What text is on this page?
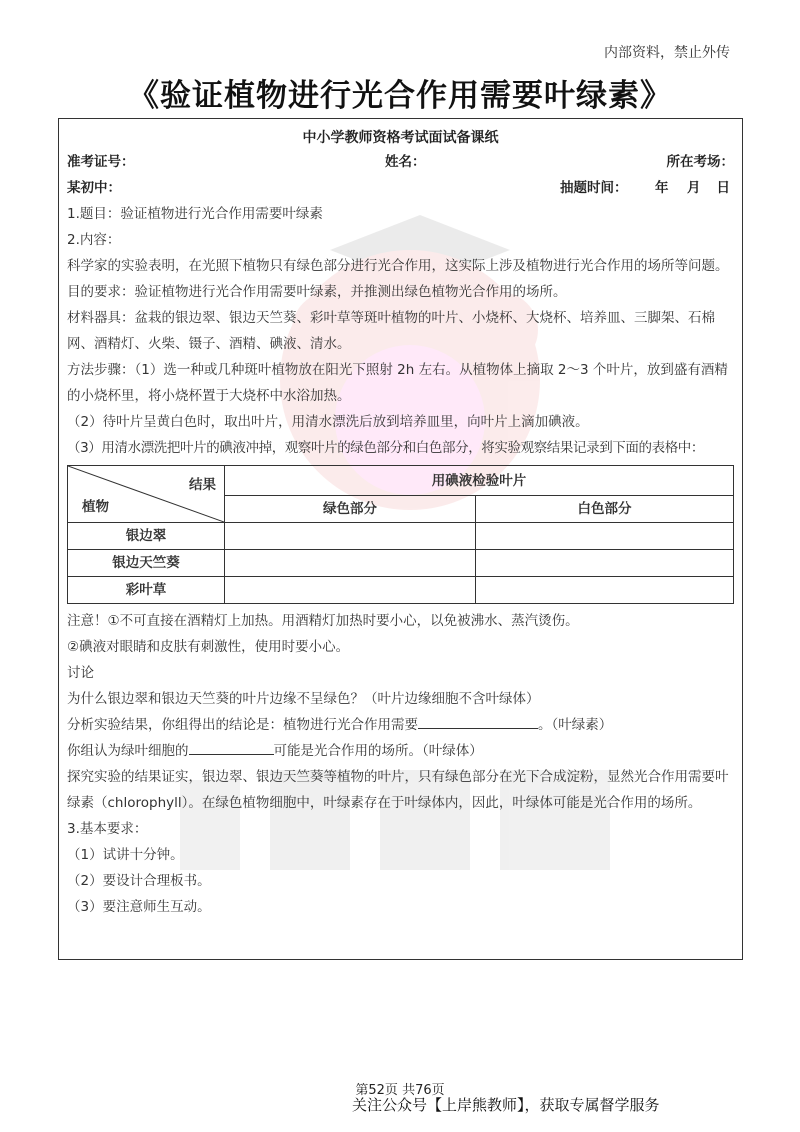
内部资料，禁止外传
《验证植物进行光合作用需要叶绿素》
中小学教师资格考试面试备课纸
准考证号：	姓名：	所在考场：
某初中：	抽题时间： 年 月 日

1.题目：验证植物进行光合作用需要叶绿素

2.内容：

科学家的实验表明，在光照下植物只有绿色部分进行光合作用，这实际上涉及植物进行光合作用的场所等问题。

目的要求：验证植物进行光合作用需要叶绿素，并推测出绿色植物光合作用的场所。

材料器具：盆栽的银边翠、银边天竺葵、彩叶草等斑叶植物的叶片、小烧杯、大烧杯、培养皿、三脚架、石棉网、酒精灯、火柴、镊子、酒精、碘液、清水。

方法步骤：（1）选一种或几种斑叶植物放在阳光下照射 2h 左右。从植物体上摘取 2～3 个叶片，放到盛有酒精的小烧杯里，将小烧杯置于大烧杯中水浴加热。

（2）待叶片呈黄白色时，取出叶片，用清水漂洗后放到培养皿里，向叶片上滴加碘液。

（3）用清水漂洗把叶片的碘液冲掉，观察叶片的绿色部分和白色部分，将实验观察结果记录到下面的表格中：

植物
结果	用碘液检验叶片	
	绿色部分	白色部分
银边翠		
银边天竺葵		
彩叶草		

注意！①不可直接在酒精灯上加热。用酒精灯加热时要小心，以免被沸水、蒸汽烫伤。

②碘液对眼睛和皮肤有刺激性，使用时要小心。

讨论

为什么银边翠和银边天竺葵的叶片边缘不呈绿色？（叶片边缘细胞不含叶绿体）

分析实验结果，你组得出的结论是：植物进行光合作用需要	。（叶绿素）

你组认为绿叶细胞的	可能是光合作用的场所。（叶绿体）

探究实验的结果证实，银边翠、银边天竺葵等植物的叶片，只有绿色部分在光下合成淀粉，显然光合作用需要叶绿素（chlorophyll）。在绿色植物细胞中，叶绿素存在于叶绿体内，因此，叶绿体可能是光合作用的场所。

3.基本要求：

（1）试讲十分钟。

（2）要设计合理板书。

（3）要注意师生互动。

第52页 共76页
关注公众号【上岸熊教师】，获取专属督学服务
